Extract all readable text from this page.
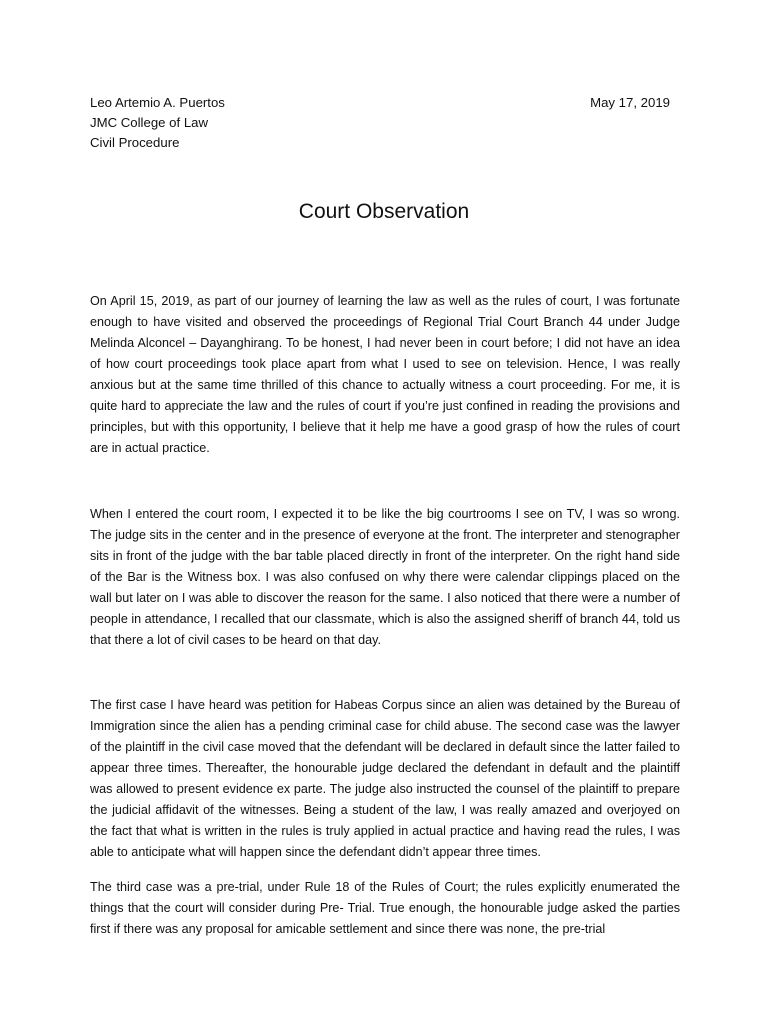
Leo Artemio A. Puertos
JMC College of Law
Civil Procedure
May 17, 2019
Court Observation

On April 15, 2019, as part of our journey of learning the law as well as the rules of court, I was fortunate enough to have visited and observed the proceedings of Regional Trial Court Branch 44 under Judge Melinda Alconcel – Dayanghirang. To be honest, I had never been in court before; I did not have an idea of how court proceedings took place apart from what I used to see on television. Hence, I was really anxious but at the same time thrilled of this chance to actually witness a court proceeding. For me, it is quite hard to appreciate the law and the rules of court if you’re just confined in reading the provisions and principles, but with this opportunity, I believe that it help me have a good grasp of how the rules of court are in actual practice.

When I entered the court room, I expected it to be like the big courtrooms I see on TV, I was so wrong. The judge sits in the center and in the presence of everyone at the front. The interpreter and stenographer sits in front of the judge with the bar table placed directly in front of the interpreter. On the right hand side of the Bar is the Witness box. I was also confused on why there were calendar clippings placed on the wall but later on I was able to discover the reason for the same. I also noticed that there were a number of people in attendance, I recalled that our classmate, which is also the assigned sheriff of branch 44, told us that there a lot of civil cases to be heard on that day.

The first case I have heard was petition for Habeas Corpus since an alien was detained by the Bureau of Immigration since the alien has a pending criminal case for child abuse. The second case was the lawyer of the plaintiff in the civil case moved that the defendant will be declared in default since the latter failed to appear three times. Thereafter, the honourable judge declared the defendant in default and the plaintiff was allowed to present evidence ex parte. The judge also instructed the counsel of the plaintiff to prepare the judicial affidavit of the witnesses. Being a student of the law, I was really amazed and overjoyed on the fact that what is written in the rules is truly applied in actual practice and having read the rules, I was able to anticipate what will happen since the defendant didn’t appear three times.

The third case was a pre-trial, under Rule 18 of the Rules of Court; the rules explicitly enumerated the things that the court will consider during Pre- Trial. True enough, the honourable judge asked the parties first if there was any proposal for amicable settlement and since there was none, the pre-trial
